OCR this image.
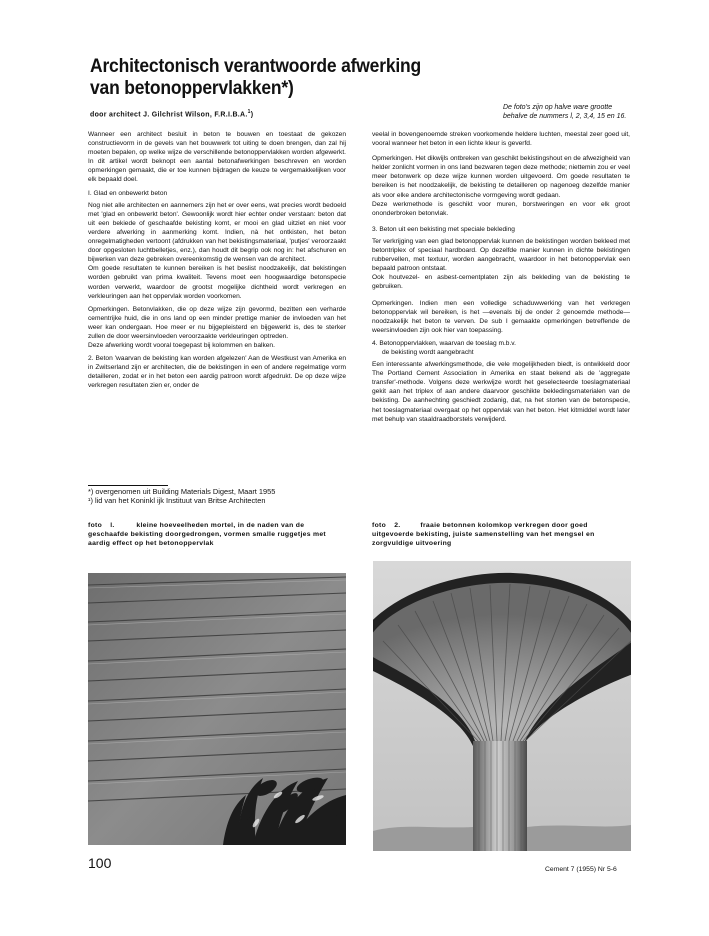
Architectonisch verantwoorde afwerking
van betonoppervlakken*)
door architect J. Gilchrist Wilson, F.R.I.B.A.$^1$)
De foto's zijn op halve ware grootte
behalve de nummers l, 2, 3,4, 15 en 16.

Wanneer een architect besluit in beton te bouwen en toestaat de gekozen constructievorm in de gevels van het bouwwerk tot uiting te doen brengen, dan zal hij moeten bepalen, op welke wijze de verschillende betonoppervlakken worden afgewerkt. In dit artikel wordt beknopt een aantal betonafwerkingen beschreven en worden opmerkingen gemaakt, die er toe kunnen bijdragen de keuze te vergemakkelijken voor elk bepaald doel.

I. Glad en onbewerkt beton

Nog niet alle architecten en aannemers zijn het er over eens, wat precies wordt bedoeld met 'glad en onbewerkt beton'. Gewoonlijk wordt hier echter onder verstaan: beton dat uit een bekiede of geschaafde bekisting komt, er mooi en glad uitziet en niet voor verdere afwerking in aanmerking komt. Indien, nà het ontkisten, het beton onregelmatigheden vertoont (afdrukken van het bekistingsmateriaal, 'putjes' veroorzaakt door opgesloten luchtbelletjes, enz.), dan houdt dit begrip ook nog in: het afschuren en bijwerken van deze gebreken overeenkomstig de wensen van de architect.

Om goede resultaten te kunnen bereiken is het beslist noodzakelijk, dat bekistingen worden gebruikt van prima kwaliteit. Tevens moet een hoogwaardige betonspecie worden verwerkt, waardoor de grootst mogelijke dichtheid wordt verkregen en verkleuringen aan het oppervlak worden voorkomen.

Opmerkingen. Betonvlakken, die op deze wijze zijn gevormd, bezitten een verharde cementrijke huid, die in ons land op een minder prettige manier de invloeden van het weer kan ondergaan. Hoe meer er nu bijgepleisterd en bijgewerkt is, des te sterker zullen de door weersinvloeden veroorzaakte verkleuringen optreden.

Deze afwerking wordt vooral toegepast bij kolommen en balken.

2. Beton 'waarvan de bekisting kan worden afgelezen' Aan de Westkust van Amerika en in Zwitserland zijn er architecten, die de bekistingen in een of andere regelmatige vorm detailleren, zodat er in het beton een aardig patroon wordt afgedrukt. De op deze wijze verkregen resultaten zien er, onder de

*) overgenomen uit Building Materials Digest, Maart 1955
¹) lid van het Koninkl ijk Instituut van Britse Architecten

veelal in bovengenoemde streken voorkomende heldere luchten, meestal zeer goed uit, vooral wanneer het beton in een lichte kleur is geverfd.

Opmerkingen. Het dikwijls ontbreken van geschikt bekistingshout en de afwezigheid van helder zonlicht vormen in ons land bezwaren tegen deze methode; niettemin zou er veel meer betonwerk op deze wijze kunnen worden uitgevoerd. Om goede resultaten te bereiken is het noodzakelijk, de bekisting te detailleren op nagenoeg dezelfde manier als voor elke andere architectonische vormgeving wordt gedaan.

Deze werkmethode is geschikt voor muren, borstweringen en voor elk groot ononderbroken betonvlak.

3. Beton uit een bekisting met speciale bekleding

Ter verkrijging van een glad betonoppervlak kunnen de bekistingen worden bekleed met betontriplex of speciaal hardboard. Op dezelfde manier kunnen in dichte bekistingen rubbervellen, met textuur, worden aangebracht, waardoor in het betonoppervlak een bepaald patroon ontstaat.

Ook houtvezel- en asbest-cementplaten zijn als bekleding van de bekisting te gebruiken.

Opmerkingen. Indien men een volledige schaduwwerking van het verkregen betonoppervlak wil bereiken, is het —evenals bij de onder 2 genoemde methode— noodzakelijk het beton te verven. De sub I gemaakte opmerkingen betreffende de weersinvloeden zijn ook hier van toepassing.

4. Betonoppervlakken, waarvan de toeslag m.b.v.
de bekisting wordt aangebracht

Een interessante afwerkingsmethode, die vele mogelijkheden biedt, is ontwikkeld door The Portland Cement Association in Amerika en staat bekend als de 'aggregate transfer'-methode. Volgens deze werkwijze wordt het geselecteerde toeslagmateriaal gekit aan het triplex of aan andere daarvoor geschikte bekledingsmaterialen van de bekisting. De aanhechting geschiedt zodanig, dat, na het storten van de betonspecie, het toeslagmateriaal overgaat op het oppervlak van het beton. Het kitmiddel wordt later met behulp van staaldraadborstels verwijderd.

foto l.	kleine hoeveelheden mortel, in de naden van de geschaafde bekisting doorgedrongen, vormen smalle ruggetjes met aardig effect op het betonoppervlak
foto 2.	fraaie betonnen kolomkop verkregen door goed uitgevoerde bekisting, juiste samenstelling van het mengsel en zorgvuldige uitvoering
100	Cement 7 (1955) Nr 5-6
